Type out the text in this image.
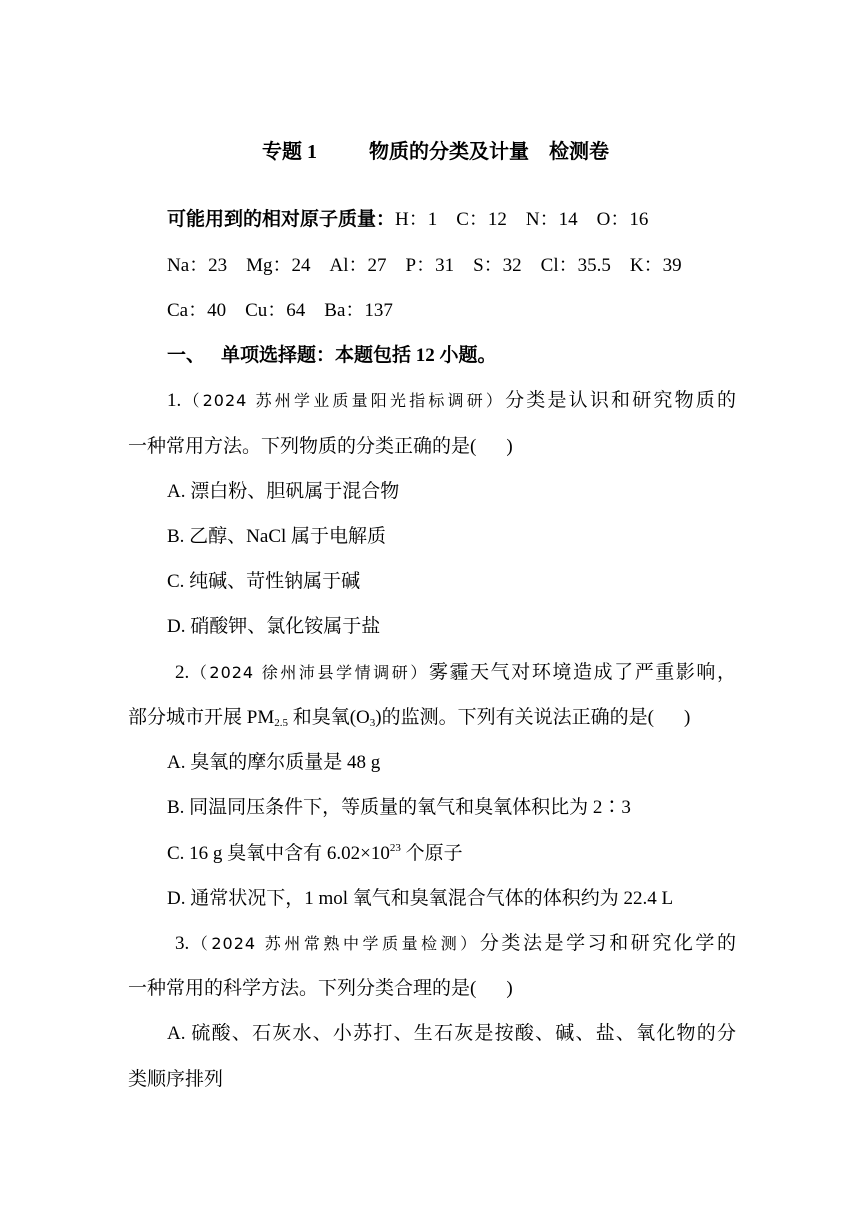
专题 1	物质的分类及计量 检测卷
可能用到的相对原子质量：H：1　C：12　N：14　O：16
Na：23　Mg：24　Al：27　P：31　S：32　Cl：35.5　K：39
Ca：40　Cu：64　Ba：137
一、 单项选择题：本题包括 12 小题。
1.（2024 苏州学业质量阳光指标调研）分类是认识和研究物质的
一种常用方法。下列物质的分类正确的是( )
A. 漂白粉、胆矾属于混合物
B. 乙醇、NaCl 属于电解质
C. 纯碱、苛性钠属于碱
D. 硝酸钾、氯化铵属于盐
2.（2024 徐州沛县学情调研）雾霾天气对环境造成了严重影响，
部分城市开展 $PM_{2.5}$ 和臭氧$(O_3)$的监测。下列有关说法正确的是( )
A. 臭氧的摩尔质量是 48 g
B. 同温同压条件下，等质量的氧气和臭氧体积比为 2∶3
C. 16 g 臭氧中含有 $6.02\times 10^{23}$ 个原子
D. 通常状况下，1 mol 氧气和臭氧混合气体的体积约为 22.4 L
3.（2024 苏州常熟中学质量检测）分类法是学习和研究化学的
一种常用的科学方法。下列分类合理的是( )
A. 硫酸、石灰水、小苏打、生石灰是按酸、碱、盐、氧化物的分
类顺序排列
